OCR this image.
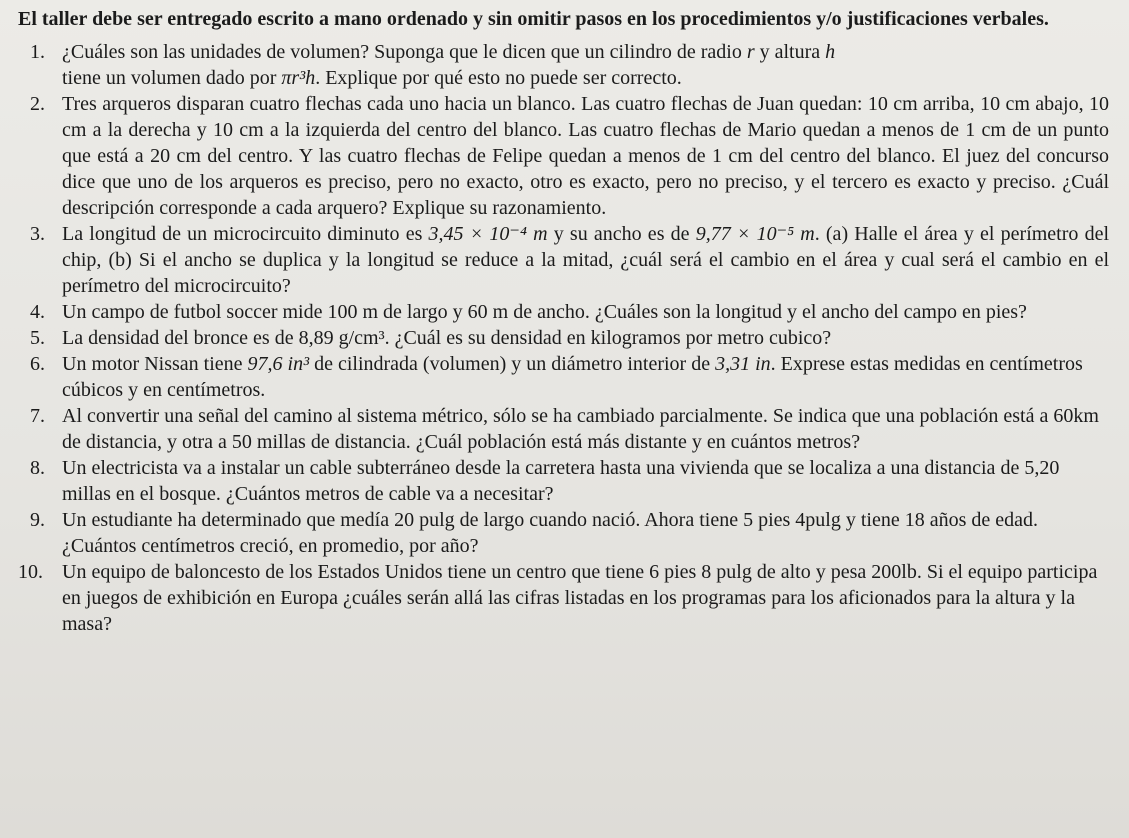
El taller debe ser entregado escrito a mano ordenado y sin omitir pasos en los procedimientos y/o justificaciones verbales.

1. ¿Cuáles son las unidades de volumen? Suponga que le dicen que un cilindro de radio r y altura h
tiene un volumen dado por πr³h. Explique por qué esto no puede ser correcto.
2. Tres arqueros disparan cuatro flechas cada uno hacia un blanco. Las cuatro flechas de Juan quedan: 10 cm arriba, 10 cm abajo, 10 cm a la derecha y 10 cm a la izquierda del centro del blanco. Las cuatro flechas de Mario quedan a menos de 1 cm de un punto que está a 20 cm del centro. Y las cuatro flechas de Felipe quedan a menos de 1 cm del centro del blanco. El juez del concurso dice que uno de los arqueros es preciso, pero no exacto, otro es exacto, pero no preciso, y el tercero es exacto y preciso. ¿Cuál descripción corresponde a cada arquero? Explique su razonamiento.
3. La longitud de un microcircuito diminuto es 3,45 × 10⁻⁴ m y su ancho es de 9,77 × 10⁻⁵ m. (a) Halle el área y el perímetro del chip, (b) Si el ancho se duplica y la longitud se reduce a la mitad, ¿cuál será el cambio en el área y cual será el cambio en el perímetro del microcircuito?
4. Un campo de futbol soccer mide 100 m de largo y 60 m de ancho. ¿Cuáles son la longitud y el ancho del campo en pies?
5. La densidad del bronce es de 8,89 g/cm³. ¿Cuál es su densidad en kilogramos por metro cubico?
6. Un motor Nissan tiene 97,6 in³ de cilindrada (volumen) y un diámetro interior de 3,31 in. Exprese estas medidas en centímetros cúbicos y en centímetros.
7. Al convertir una señal del camino al sistema métrico, sólo se ha cambiado parcialmente. Se indica que una población está a 60km de distancia, y otra a 50 millas de distancia. ¿Cuál población está más distante y en cuántos metros?
8. Un electricista va a instalar un cable subterráneo desde la carretera hasta una vivienda que se localiza a una distancia de 5,20 millas en el bosque. ¿Cuántos metros de cable va a necesitar?
9. Un estudiante ha determinado que medía 20 pulg de largo cuando nació. Ahora tiene 5 pies 4pulg y tiene 18 años de edad. ¿Cuántos centímetros creció, en promedio, por año?
10. Un equipo de baloncesto de los Estados Unidos tiene un centro que tiene 6 pies 8 pulg de alto y pesa 200lb. Si el equipo participa en juegos de exhibición en Europa ¿cuáles serán allá las cifras listadas en los programas para los aficionados para la altura y la masa?
